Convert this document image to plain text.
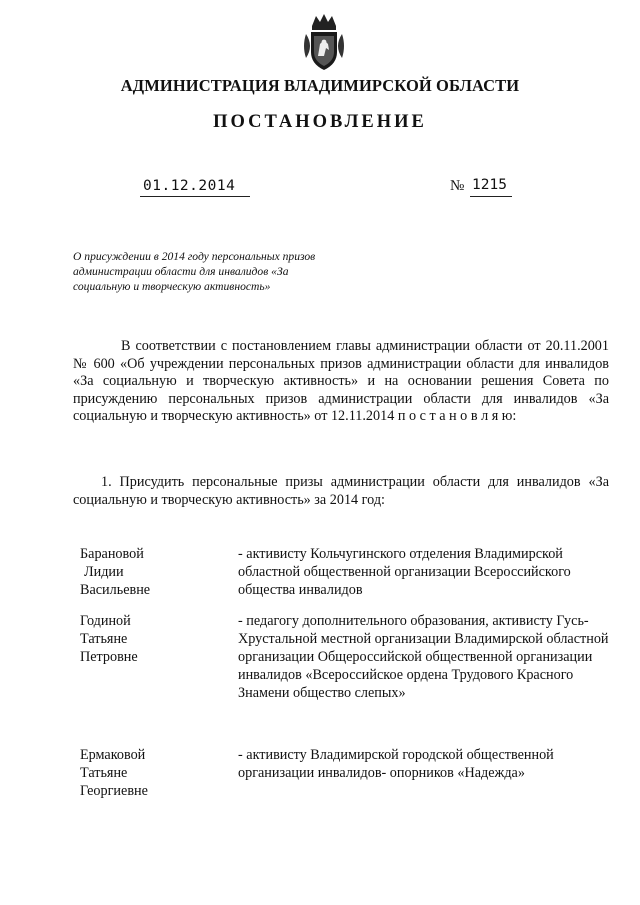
АДМИНИСТРАЦИЯ ВЛАДИМИРСКОЙ ОБЛАСТИ
ПОСТАНОВЛЕНИЕ
01.12.2014	№ 1215
О присуждении в 2014 году персональных призов администрации области для инвалидов «За социальную и творческую активность»
В соответствии с постановлением главы администрации области от 20.11.2001 № 600 «Об учреждении персональных призов администрации области для инвалидов «За социальную и творческую активность» и на основании решения Совета по присуждению персональных призов администрации области для инвалидов «За социальную и творческую активность» от 12.11.2014 п о с т а н о в л я ю:
1. Присудить персональные призы администрации области для инвалидов «За социальную и творческую активность» за 2014 год:
Барановой
Лидии
Васильевне
- активисту Кольчугинского отделения Владимирской областной общественной организации Всероссийского общества инвалидов
Годиной
Татьяне
Петровне
- педагогу дополнительного образования, активисту Гусь-Хрустальной местной организации Владимирской областной организации Общероссийской общественной организации инвалидов «Всероссийское ордена Трудового Красного Знамени общество слепых»
Ермаковой
Татьяне
Георгиевне
- активисту Владимирской городской общественной организации инвалидов- опорников «Надежда»
